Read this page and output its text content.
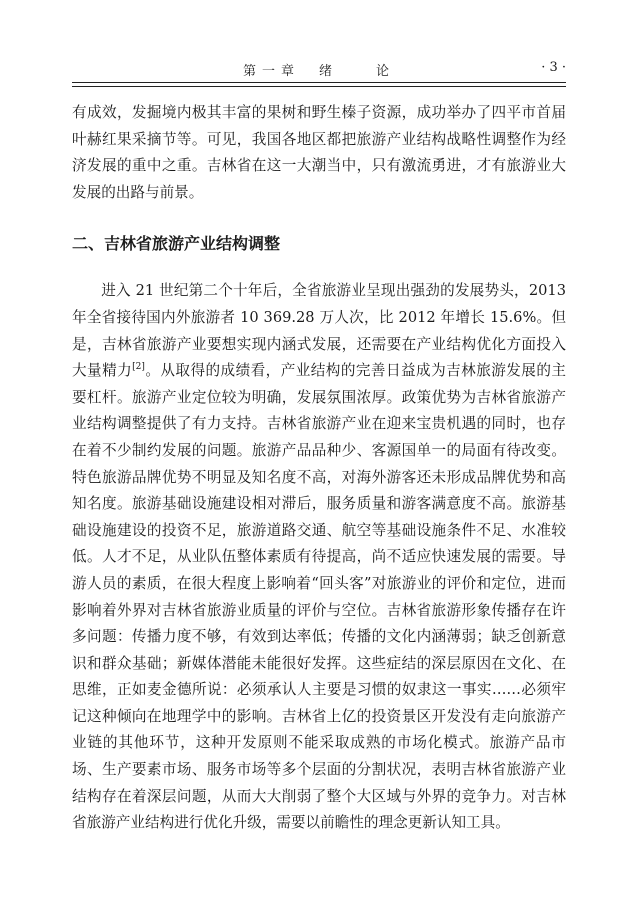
第一章　绪　　论	· 3 ·

有成效，发掘境内极其丰富的果树和野生榛子资源，成功举办了四平市首届叶赫红果采摘节等。可见，我国各地区都把旅游产业结构战略性调整作为经济发展的重中之重。吉林省在这一大潮当中，只有激流勇进，才有旅游业大发展的出路与前景。

二、吉林省旅游产业结构调整

进入 21 世纪第二个十年后，全省旅游业呈现出强劲的发展势头，2013 年全省接待国内外旅游者 10 369.28 万人次，比 2012 年增长 15.6%。但是，吉林省旅游产业要想实现内涵式发展，还需要在产业结构优化方面投入大量精力[2]。从取得的成绩看，产业结构的完善日益成为吉林旅游发展的主要杠杆。旅游产业定位较为明确，发展氛围浓厚。政策优势为吉林省旅游产业结构调整提供了有力支持。吉林省旅游产业在迎来宝贵机遇的同时，也存在着不少制约发展的问题。旅游产品品种少、客源国单一的局面有待改变。特色旅游品牌优势不明显及知名度不高，对海外游客还未形成品牌优势和高知名度。旅游基础设施建设相对滞后，服务质量和游客满意度不高。旅游基础设施建设的投资不足，旅游道路交通、航空等基础设施条件不足、水准较低。人才不足，从业队伍整体素质有待提高，尚不适应快速发展的需要。导游人员的素质，在很大程度上影响着“回头客”对旅游业的评价和定位，进而影响着外界对吉林省旅游业质量的评价与空位。吉林省旅游形象传播存在许多问题：传播力度不够，有效到达率低；传播的文化内涵薄弱；缺乏创新意识和群众基础；新媒体潜能未能很好发挥。这些症结的深层原因在文化、在思维，正如麦金德所说：必须承认人主要是习惯的奴隶这一事实……必须牢记这种倾向在地理学中的影响。吉林省上亿的投资景区开发没有走向旅游产业链的其他环节，这种开发原则不能采取成熟的市场化模式。旅游产品市场、生产要素市场、服务市场等多个层面的分割状况，表明吉林省旅游产业结构存在着深层问题，从而大大削弱了整个大区域与外界的竞争力。对吉林省旅游产业结构进行优化升级，需要以前瞻性的理念更新认知工具。
